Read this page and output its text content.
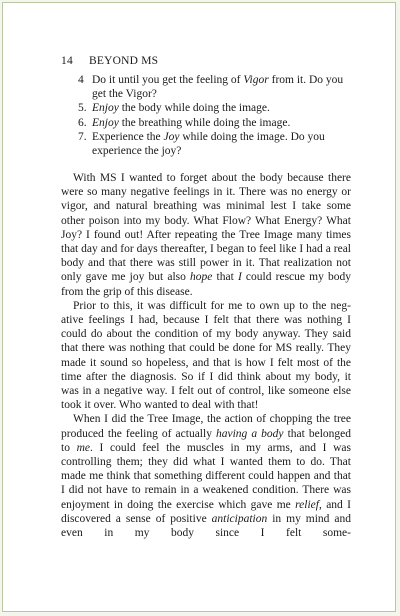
14 BEYOND MS
4 Do it until you get the feeling of Vigor from it. Do you get the Vigor?
5. Enjoy the body while doing the image.
6. Enjoy the breathing while doing the image.
7. Experience the Joy while doing the image. Do you experience the joy?

With MS I wanted to forget about the body because there were so many negative feelings in it. There was no energy or vigor, and natural breathing was minimal lest I take some other poison into my body. What Flow? What Energy? What Joy? I found out! After repeating the Tree Image many times that day and for days thereafter, I began to feel like I had a real body and that there was still power in it. That realization not only gave me joy but also hope that I could rescue my body from the grip of this disease.

Prior to this, it was difficult for me to own up to the negative feelings I had, because I felt that there was nothing I could do about the condition of my body anyway. They said that there was nothing that could be done for MS really. They made it sound so hopeless, and that is how I felt most of the time after the diagnosis. So if I did think about my body, it was in a negative way. I felt out of control, like someone else took it over. Who wanted to deal with that!

When I did the Tree Image, the action of chopping the tree produced the feeling of actually having a body that belonged to me. I could feel the muscles in my arms, and I was controlling them; they did what I wanted them to do. That made me think that something different could happen and that I did not have to remain in a weakened condition. There was enjoyment in doing the exercise which gave me relief, and I discovered a sense of positive anticipation in my mind and even in my body since I felt some-
